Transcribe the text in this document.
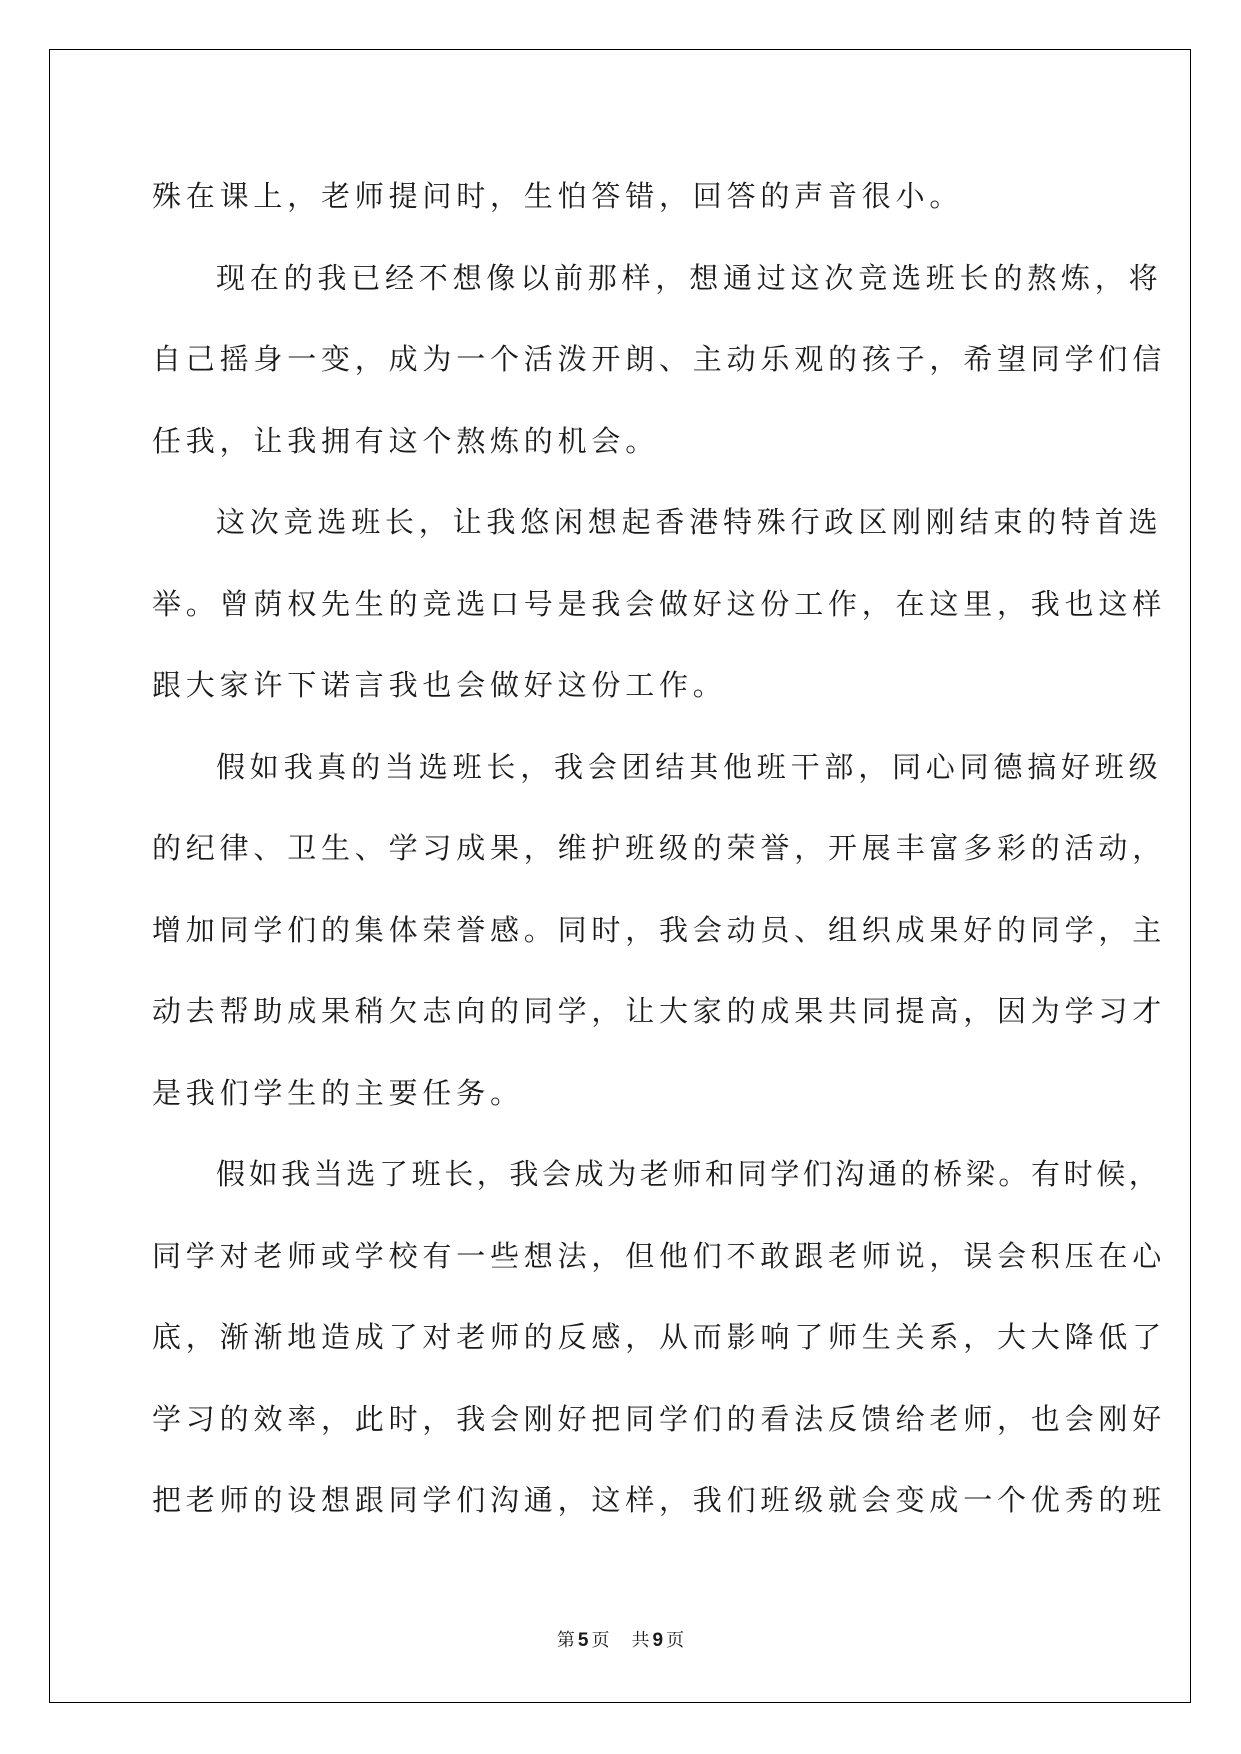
殊在课上，老师提问时，生怕答错，回答的声音很小。

现在的我已经不想像以前那样，想通过这次竞选班长的熬炼，将

自己摇身一变，成为一个活泼开朗、主动乐观的孩子，希望同学们信

任我，让我拥有这个熬炼的机会。

这次竞选班长，让我悠闲想起香港特殊行政区刚刚结束的特首选

举。曾荫权先生的竞选口号是我会做好这份工作，在这里，我也这样

跟大家许下诺言我也会做好这份工作。

假如我真的当选班长，我会团结其他班干部，同心同德搞好班级

的纪律、卫生、学习成果，维护班级的荣誉，开展丰富多彩的活动，

增加同学们的集体荣誉感。同时，我会动员、组织成果好的同学，主

动去帮助成果稍欠志向的同学，让大家的成果共同提高，因为学习才

是我们学生的主要任务。

假如我当选了班长，我会成为老师和同学们沟通的桥梁。有时候，

同学对老师或学校有一些想法，但他们不敢跟老师说，误会积压在心

底，渐渐地造成了对老师的反感，从而影响了师生关系，大大降低了

学习的效率，此时，我会刚好把同学们的看法反馈给老师，也会刚好

把老师的设想跟同学们沟通，这样，我们班级就会变成一个优秀的班

第 5 页 共 9 页
